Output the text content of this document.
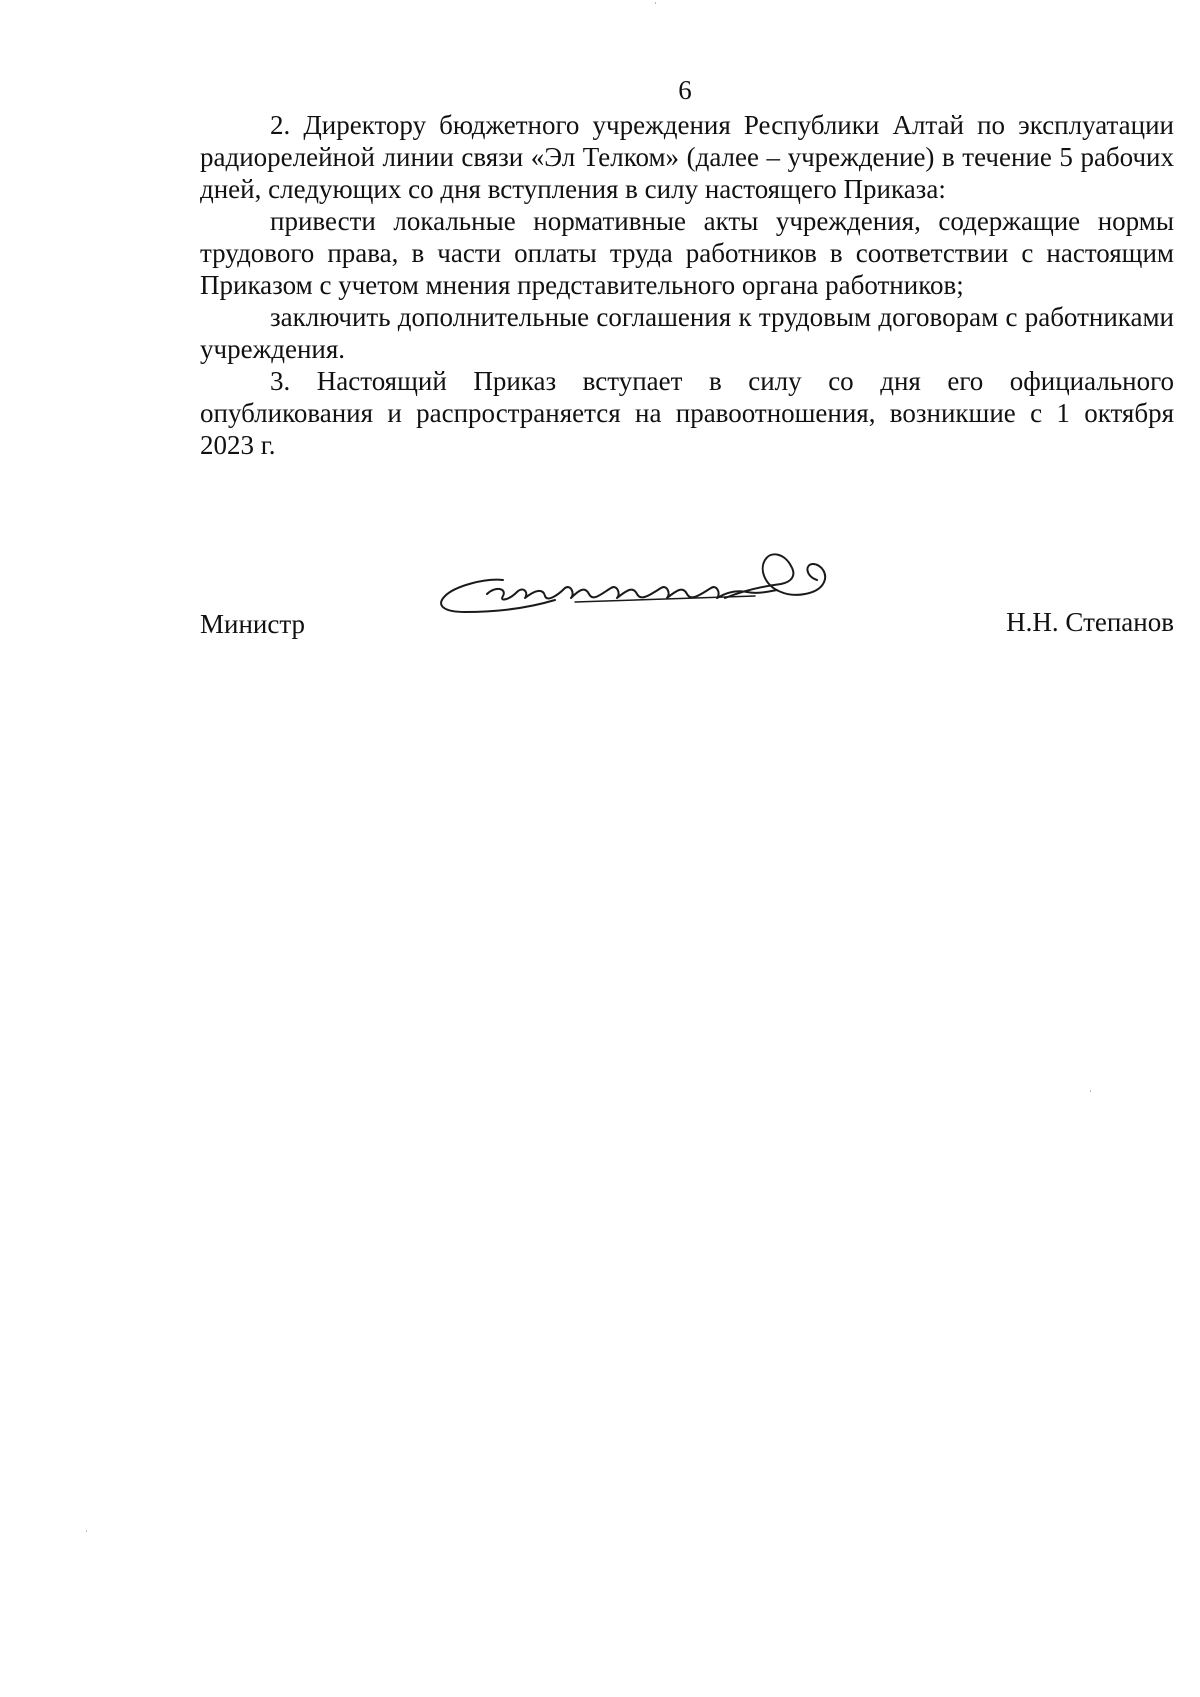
6

2. Директору бюджетного учреждения Республики Алтай по эксплуатации радиорелейной линии связи «Эл Телком» (далее – учреждение) в течение 5 рабочих дней, следующих со дня вступления в силу настоящего Приказа:

привести локальные нормативные акты учреждения, содержащие нормы трудового права, в части оплаты труда работников в соответствии с настоящим Приказом с учетом мнения представительного органа работников;

заключить дополнительные соглашения к трудовым договорам с работниками учреждения.

3. Настоящий Приказ вступает в силу со дня его официального опубликования и распространяется на правоотношения, возникшие с 1 октября 2023 г.

Министр	Н.Н. Степанов
